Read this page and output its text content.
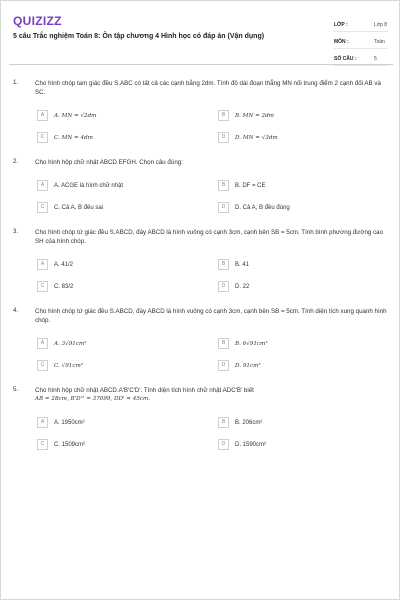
QUIZIZZ
5 câu Trắc nghiệm Toán 8: Ôn tập chương 4 Hình học có đáp án (Vận dụng)
LỚP :	Lớp 8
MÔN :	Toán
SỐ CÂU :	5
1.	Cho hình chóp tam giác đều S.ABC có tất cả các cạnh bằng 2dm. Tính độ dài đoạn thẳng MN nối trung điểm 2 cạnh đối AB và SC.
A	A. MN = √2dm	B	B. MN = 2dm
C	C. MN = 4dm	D	D. MN = √3dm
2.	Cho hình hộp chữ nhật ABCD.EFGH. Chọn câu đúng:
A	A. ACGE là hình chữ nhật	B	B. DF = CE
C	C. Cả A, B đều sai	D	D. Cả A, B đều đúng
3.	Cho hình chóp tứ giác đều S.ABCD, đáy ABCD là hình vuông có cạnh 3cm, cạnh bên SB = 5cm. Tính bình phương đường cao SH của hình chóp.
A	A. 41/2	B	B. 41
C	C. 83/2	D	D. 22
4.	Cho hình chóp tứ giác đều S.ABCD, đáy ABCD là hình vuông có cạnh 3cm, cạnh bên SB = 5cm. Tính diện tích xung quanh hình chóp.
A	A. 3√91cm²	B	B. 6√91cm²
C	C. √91cm²	D	D. 91cm²
5.	Cho hình hộp chữ nhật ABCD.A'B'C'D'. Tính diện tích hình chữ nhật ADC'B' biết
AB = 28cm, B'D'² = 37099, DD' = 45cm.
A	A. 1950cm²	B	B. 206cm²
C	C. 1509cm²	D	D. 1590cm²
